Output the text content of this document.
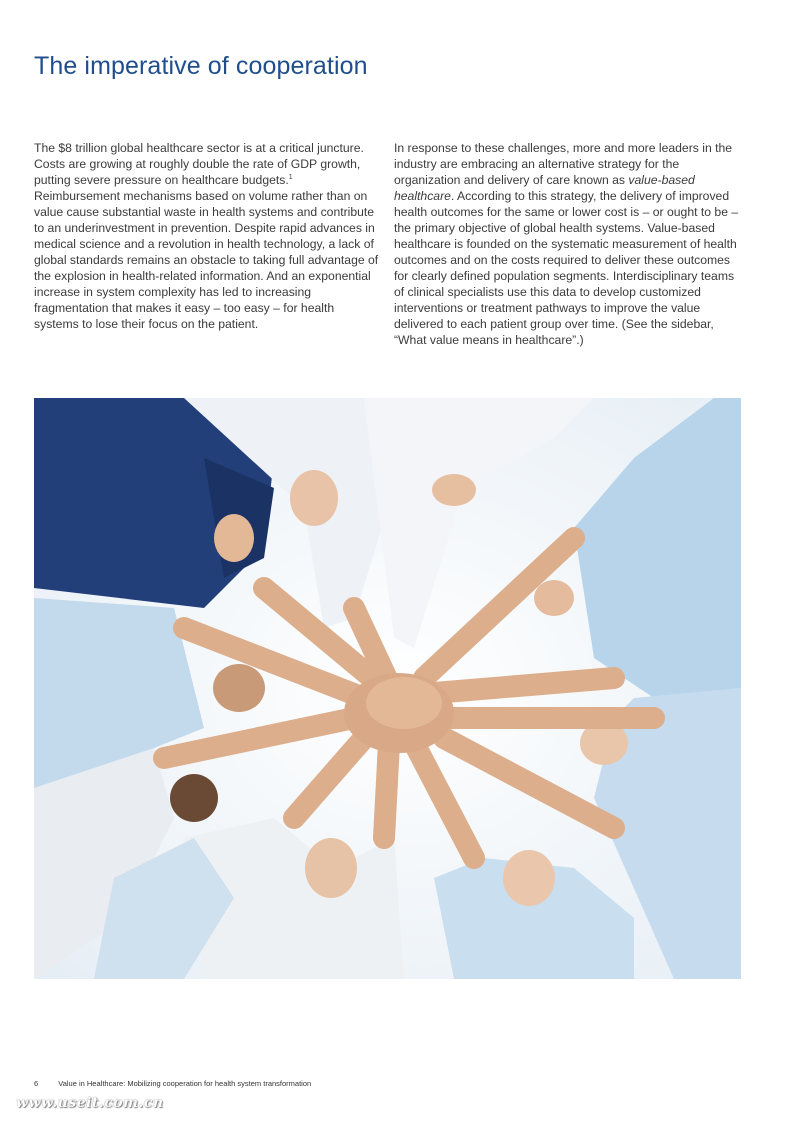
The imperative of cooperation

The $8 trillion global healthcare sector is at a critical juncture. Costs are growing at roughly double the rate of GDP growth, putting severe pressure on healthcare budgets.$^1$ Reimbursement mechanisms based on volume rather than on value cause substantial waste in health systems and contribute to an underinvestment in prevention. Despite rapid advances in medical science and a revolution in health technology, a lack of global standards remains an obstacle to taking full advantage of the explosion in health-related information. And an exponential increase in system complexity has led to increasing fragmentation that makes it easy – too easy – for health systems to lose their focus on the patient.

In response to these challenges, more and more leaders in the industry are embracing an alternative strategy for the organization and delivery of care known as value-based healthcare. According to this strategy, the delivery of improved health outcomes for the same or lower cost is – or ought to be – the primary objective of global health systems. Value-based healthcare is founded on the systematic measurement of health outcomes and on the costs required to deliver these outcomes for clearly defined population segments. Interdisciplinary teams of clinical specialists use this data to develop customized interventions or treatment pathways to improve the value delivered to each patient group over time. (See the sidebar, “What value means in healthcare”.)

6	Value in Healthcare: Mobilizing cooperation for health system transformation
www.useit.com.cn
